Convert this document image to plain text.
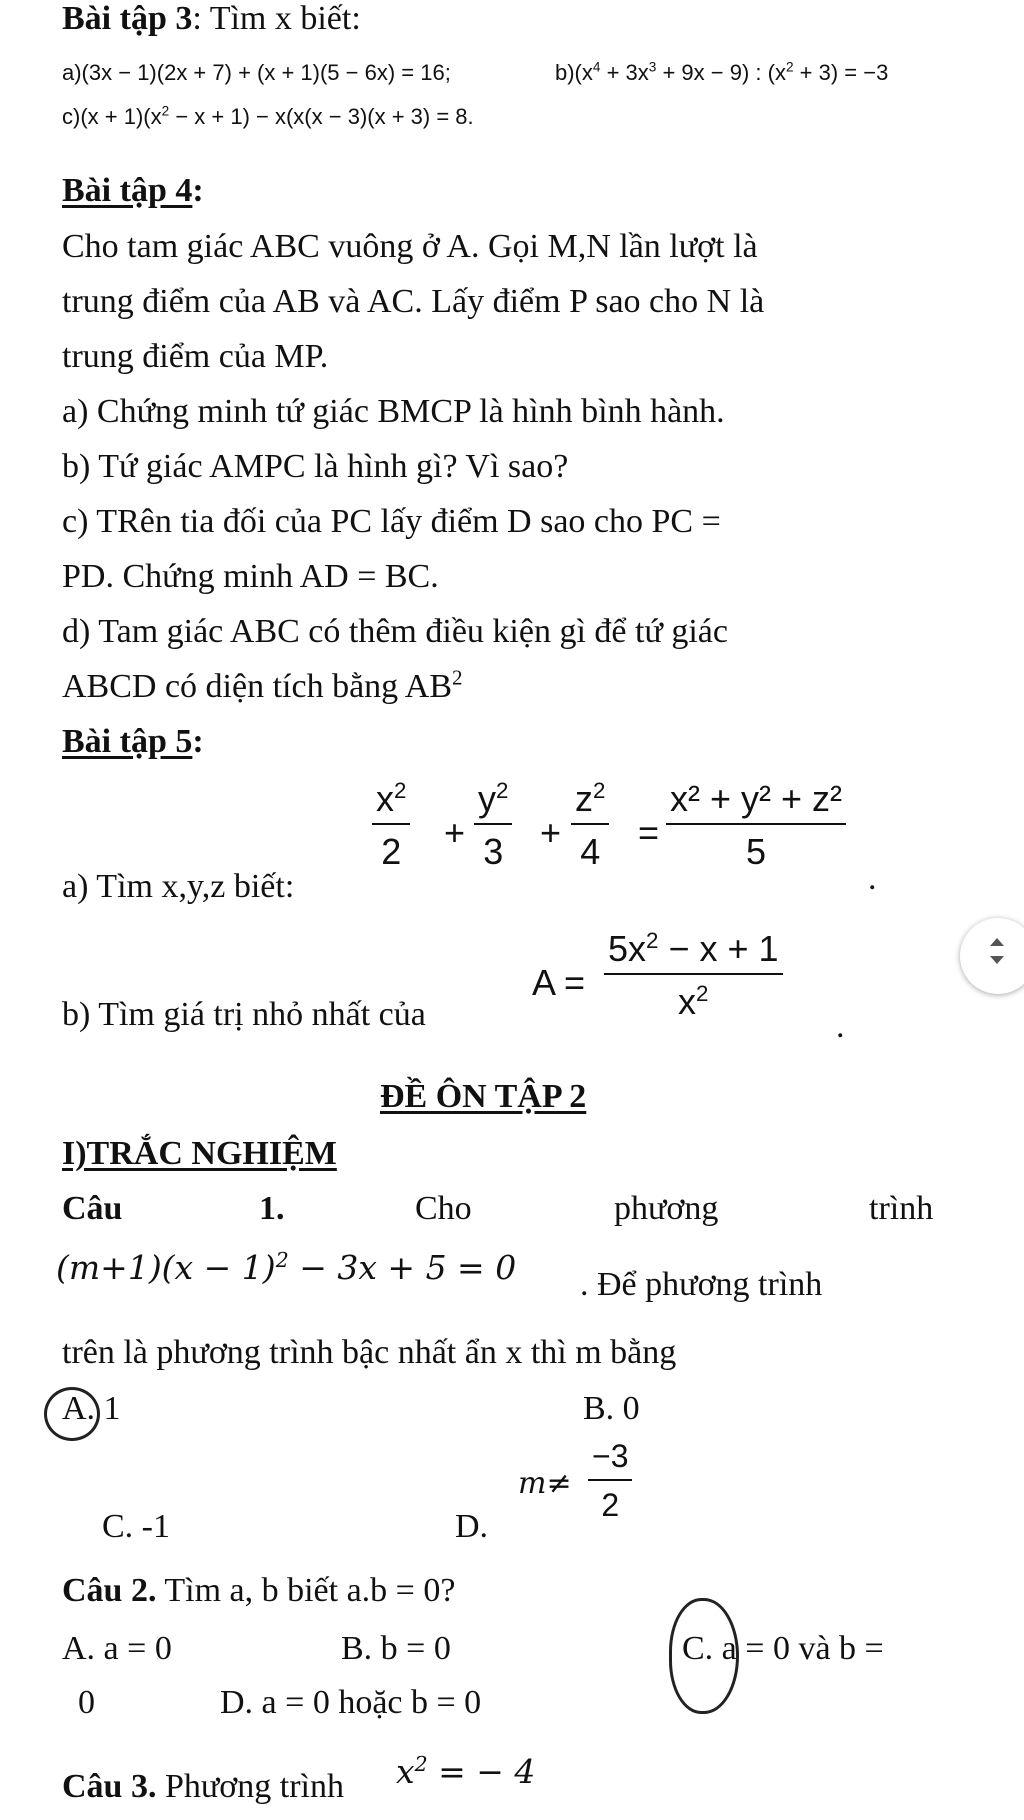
Bài tập 3: Tìm x biết:
a)(3x − 1)(2x + 7) + (x + 1)(5 − 6x) = 16;	$b)(x^4 + 3x^3 + 9x - 9)$ : $(x^2 + 3) = -3$
$c)(x + 1)(x^2 - x + 1) - x(x(x - 3)(x + 3) = 8$.
Bài tập 4:
Cho tam giác ABC vuông ở A. Gọi M,N lần lượt là
trung điểm của AB và AC. Lấy điểm P sao cho N là
trung điểm của MP.
a) Chứng minh tứ giác BMCP là hình bình hành.
b) Tứ giác AMPC là hình gì? Vì sao?
c) TRên tia đối của PC lấy điểm D sao cho PC =
PD. Chứng minh AD = BC.
d) Tam giác ABC có thêm điều kiện gì để tứ giác
ABCD có diện tích bằng $AB^2$
Bài tập 5:
a) Tìm x,y,z biết:
$x^2$
2 +
$y^2$
3 +
$z^2$
4 =
x² + y² + z²
5
.
b) Tìm giá trị nhỏ nhất của
A =
$5x^2 - x + 1$
$x^2$
.
ĐỀ ÔN TẬP 2
I)TRẮC NGHIỆM
Câu	1.	Cho	phương	trình
$(m+1)(x - 1)^2 - 3x + 5 = 0$ . Để phương trình
trên là phương trình bậc nhất ẩn x thì m bằng
A. 1	B. 0
C. -1	D.
m≠
−3
2
Câu 2. Tìm a, b biết a.b = 0?
A. a = 0	B. b = 0	C. a = 0 và b =
0	D. a = 0 hoặc b = 0
Câu 3. Phương trình $x^2$ = − 4
